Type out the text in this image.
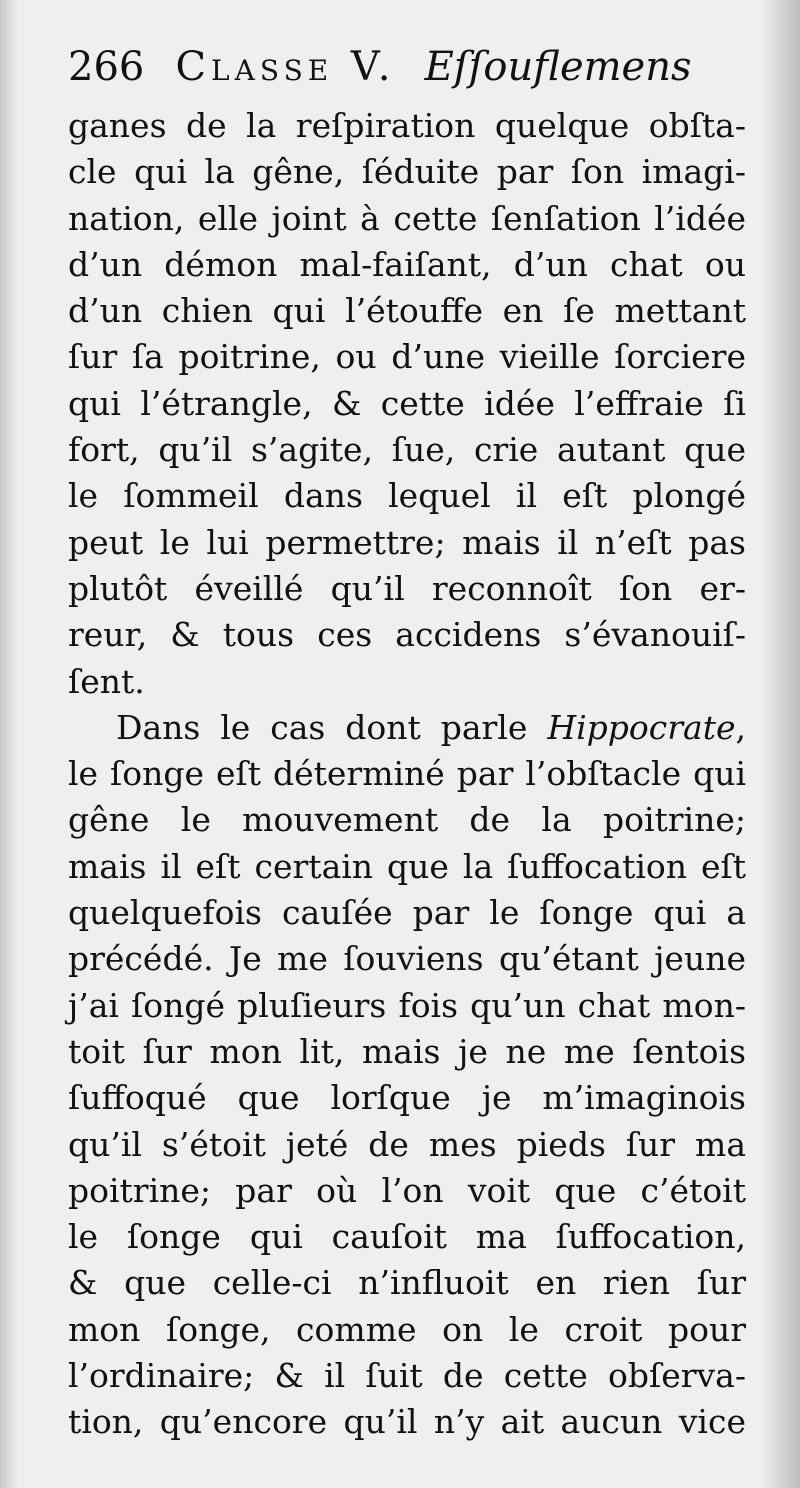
266 Classe V. Eſſouflemens
ganes de la reſpiration quelque obſta-
cle qui la gêne, ſéduite par ſon imagi-
nation, elle joint à cette ſenſation l’idée
d’un démon mal-faiſant, d’un chat ou
d’un chien qui l’étouffe en ſe mettant
ſur ſa poitrine, ou d’une vieille ſorciere
qui l’étrangle, & cette idée l’effraie ſi
fort, qu’il s’agite, ſue, crie autant que
le ſommeil dans lequel il eſt plongé
peut le lui permettre; mais il n’eſt pas
plutôt éveillé qu’il reconnoît ſon er-
reur, & tous ces accidens s’évanouiſ-
ſent.
Dans le cas dont parle Hippocrate,
le ſonge eſt déterminé par l’obſtacle qui
gêne le mouvement de la poitrine;
mais il eſt certain que la ſuffocation eſt
quelquefois cauſée par le ſonge qui a
précédé. Je me ſouviens qu’étant jeune
j’ai ſongé pluſieurs fois qu’un chat mon-
toit ſur mon lit, mais je ne me ſentois
ſuffoqué que lorſque je m’imaginois
qu’il s’étoit jeté de mes pieds ſur ma
poitrine; par où l’on voit que c’étoit
le ſonge qui cauſoit ma ſuffocation,
& que celle-ci n’influoit en rien ſur
mon ſonge, comme on le croit pour
l’ordinaire; & il ſuit de cette obſerva-
tion, qu’encore qu’il n’y ait aucun vice
